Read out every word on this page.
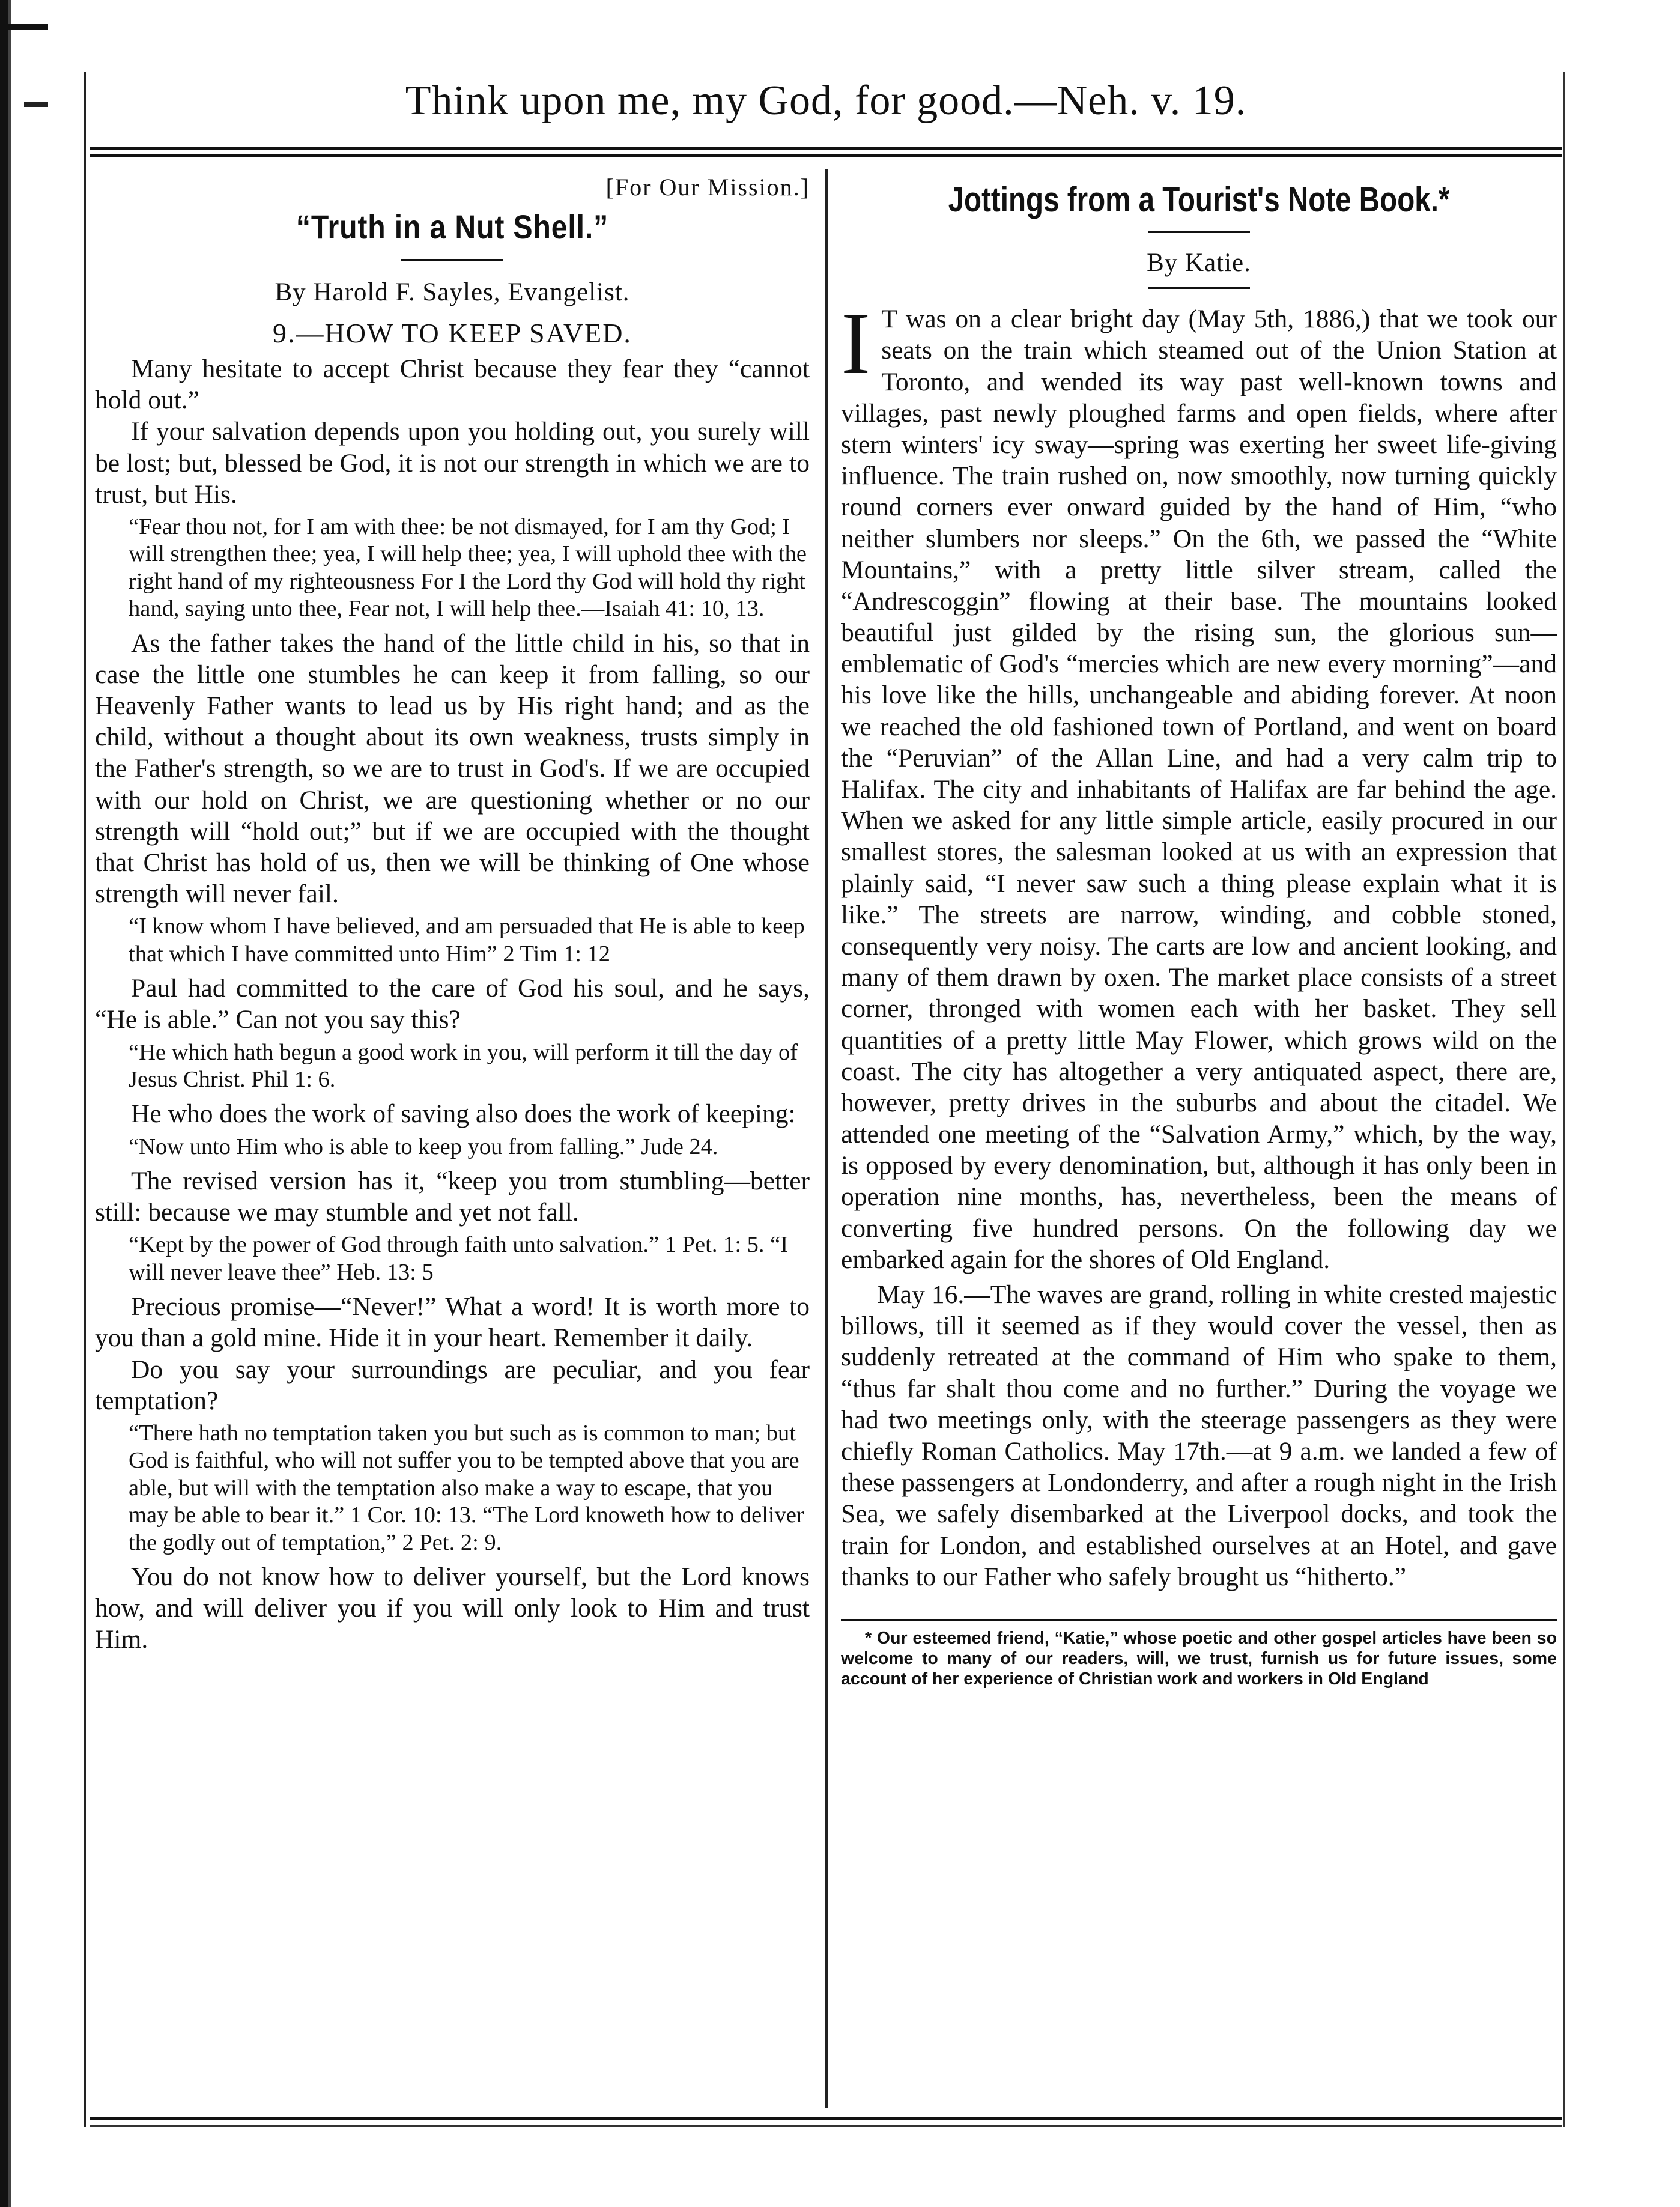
Think upon me, my God, for good.—Neh. v. 19.
[For Our Mission.]
“Truth in a Nut Shell.”
By Harold F. Sayles, Evangelist.
9.—HOW TO KEEP SAVED.

Many hesitate to accept Christ because they fear they “cannot hold out.”

If your salvation depends upon you holding out, you surely will be lost; but, blessed be God, it is not our strength in which we are to trust, but His.

“Fear thou not, for I am with thee: be not dismayed, for I am thy God; I will strengthen thee; yea, I will help thee; yea, I will uphold thee with the right hand of my righteousness For I the Lord thy God will hold thy right hand, saying unto thee, Fear not, I will help thee.—Isaiah 41: 10, 13.

As the father takes the hand of the little child in his, so that in case the little one stumbles he can keep it from falling, so our Heavenly Father wants to lead us by His right hand; and as the child, without a thought about its own weakness, trusts simply in the Father's strength, so we are to trust in God's. If we are occupied with our hold on Christ, we are questioning whether or no our strength will “hold out;” but if we are occupied with the thought that Christ has hold of us, then we will be thinking of One whose strength will never fail.

“I know whom I have believed, and am persuaded that He is able to keep that which I have committed unto Him” 2 Tim 1: 12

Paul had committed to the care of God his soul, and he says, “He is able.” Can not you say this?

“He which hath begun a good work in you, will perform it till the day of Jesus Christ. Phil 1: 6.

He who does the work of saving also does the work of keeping:

“Now unto Him who is able to keep you from falling.” Jude 24.

The revised version has it, “keep you trom stumbling—better still: because we may stumble and yet not fall.

“Kept by the power of God through faith unto salvation.” 1 Pet. 1: 5. “I will never leave thee” Heb. 13: 5

Precious promise—“Never!” What a word! It is worth more to you than a gold mine. Hide it in your heart. Remember it daily.

Do you say your surroundings are peculiar, and you fear temptation?

“There hath no temptation taken you but such as is common to man; but God is faithful, who will not suffer you to be tempted above that you are able, but will with the temptation also make a way to escape, that you may be able to bear it.” 1 Cor. 10: 13. “The Lord knoweth how to deliver the godly out of temptation,” 2 Pet. 2: 9.

You do not know how to deliver yourself, but the Lord knows how, and will deliver you if you will only look to Him and trust Him.

Jottings from a Tourist's Note Book.*
By Katie.

I T was on a clear bright day (May 5th, 1886,) that we took our seats on the train which steamed out of the Union Station at Toronto, and wended its way past well-known towns and villages, past newly ploughed farms and open fields, where after stern winters' icy sway—spring was exerting her sweet life-giving influence. The train rushed on, now smoothly, now turning quickly round corners ever onward guided by the hand of Him, “who neither slumbers nor sleeps.” On the 6th, we passed the “White Mountains,” with a pretty little silver stream, called the “Andrescoggin” flowing at their base. The mountains looked beautiful just gilded by the rising sun, the glorious sun—emblematic of God's “mercies which are new every morning”—and his love like the hills, unchangeable and abiding forever. At noon we reached the old fashioned town of Portland, and went on board the “Peruvian” of the Allan Line, and had a very calm trip to Halifax. The city and inhabitants of Halifax are far behind the age. When we asked for any little simple article, easily procured in our smallest stores, the salesman looked at us with an expression that plainly said, “I never saw such a thing please explain what it is like.” The streets are narrow, winding, and cobble stoned, consequently very noisy. The carts are low and ancient looking, and many of them drawn by oxen. The market place consists of a street corner, thronged with women each with her basket. They sell quantities of a pretty little May Flower, which grows wild on the coast. The city has altogether a very antiquated aspect, there are, however, pretty drives in the suburbs and about the citadel. We attended one meeting of the “Salvation Army,” which, by the way, is opposed by every denomination, but, although it has only been in operation nine months, has, nevertheless, been the means of converting five hundred persons. On the following day we embarked again for the shores of Old England.

May 16.—The waves are grand, rolling in white crested majestic billows, till it seemed as if they would cover the vessel, then as suddenly retreated at the command of Him who spake to them, “thus far shalt thou come and no further.” During the voyage we had two meetings only, with the steerage passengers as they were chiefly Roman Catholics. May 17th.—at 9 a.m. we landed a few of these passengers at Londonderry, and after a rough night in the Irish Sea, we safely disembarked at the Liverpool docks, and took the train for London, and established ourselves at an Hotel, and gave thanks to our Father who safely brought us “hitherto.”

* Our esteemed friend, “Katie,” whose poetic and other gospel articles have been so welcome to many of our readers, will, we trust, furnish us for future issues, some account of her experience of Christian work and workers in Old England
